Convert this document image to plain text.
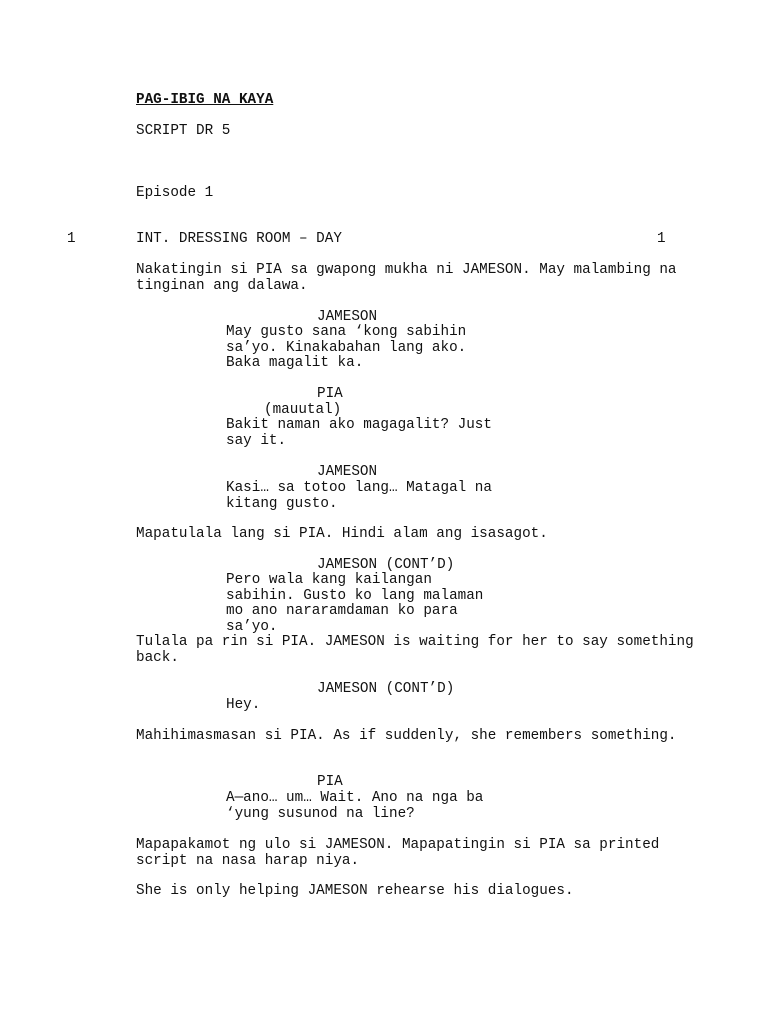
PAG-IBIG NA KAYA
SCRIPT DR 5
Episode 1
1	INT. DRESSING ROOM – DAY	1
Nakatingin si PIA sa gwapong mukha ni JAMESON. May malambing na tinginan ang dalawa.
JAMESON
May gusto sana ‘kong sabihin sa’yo. Kinakabahan lang ako. Baka magalit ka.
PIA
(mauutal)
Bakit naman ako magagalit? Just say it.
JAMESON
Kasi… sa totoo lang… Matagal na kitang gusto.
Mapatulala lang si PIA. Hindi alam ang isasagot.
JAMESON (CONT’D)
Pero wala kang kailangan sabihin. Gusto ko lang malaman mo ano nararamdaman ko para sa’yo.
Tulala pa rin si PIA. JAMESON is waiting for her to say something back.
JAMESON (CONT’D)
Hey.
Mahihimasmasan si PIA. As if suddenly, she remembers something.
PIA
A—ano… um… Wait. Ano na nga ba ‘yung susunod na line?
Mapapakamot ng ulo si JAMESON. Mapapatingin si PIA sa printed script na nasa harap niya.
She is only helping JAMESON rehearse his dialogues.
